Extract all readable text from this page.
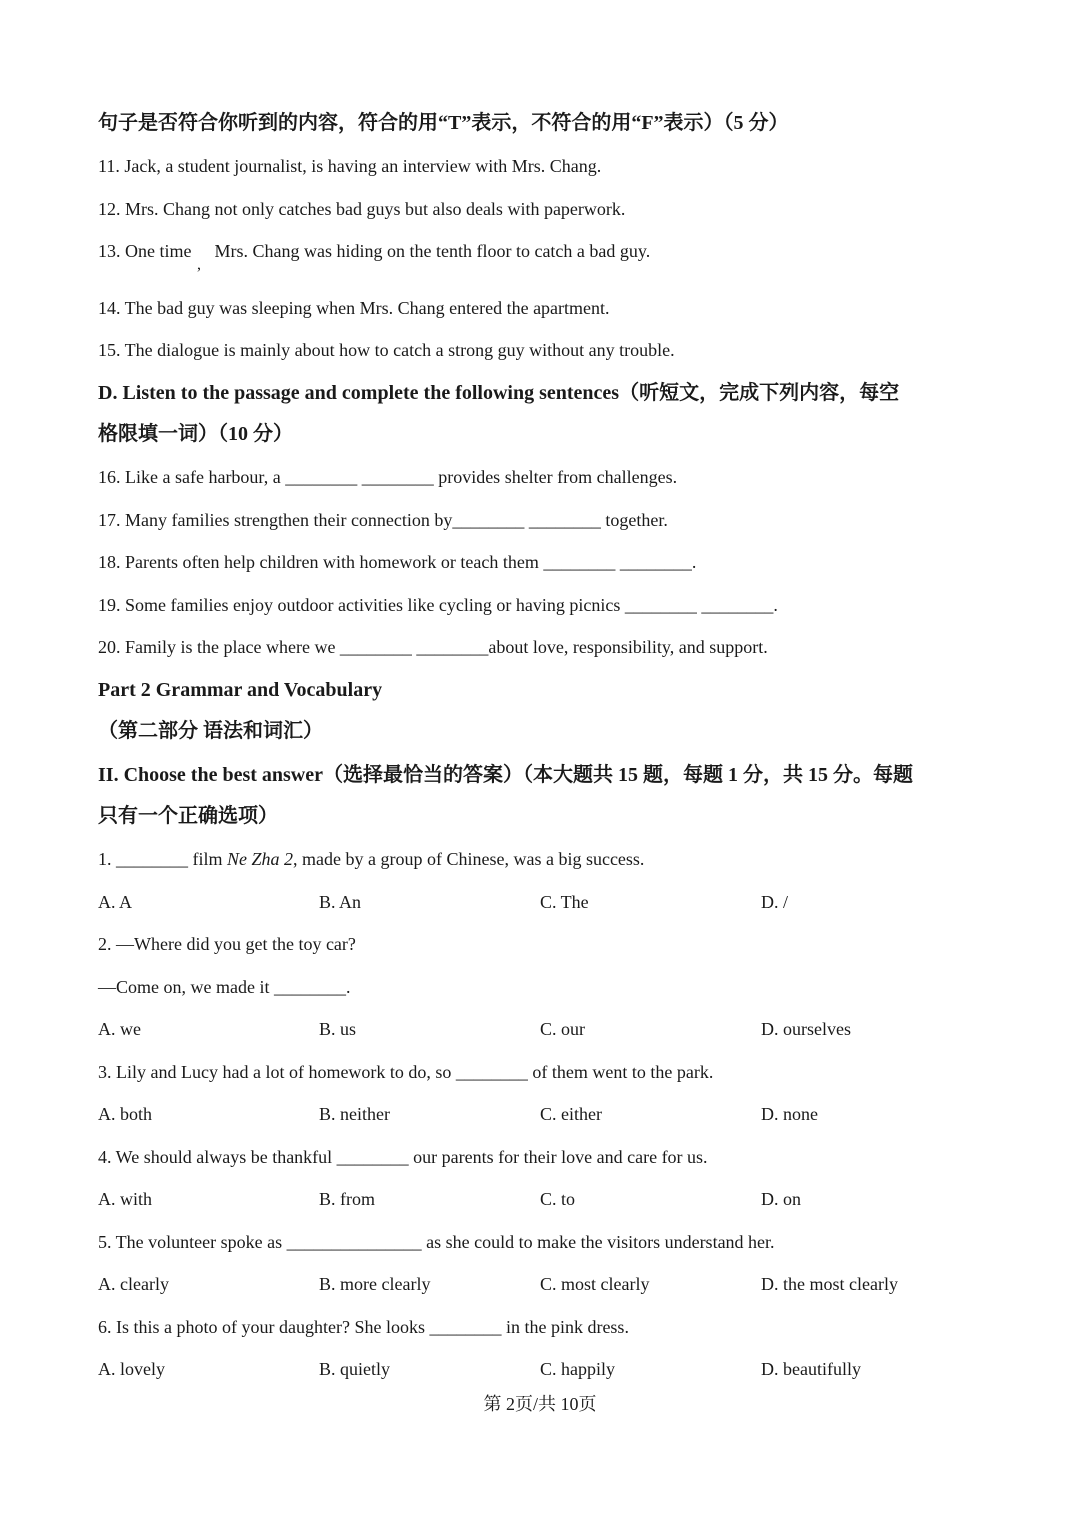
句子是否符合你听到的内容，符合的用“T”表示，不符合的用“F”表示）（5 分）
11. Jack, a student journalist, is having an interview with Mrs. Chang.
12. Mrs. Chang not only catches bad guys but also deals with paperwork.
13. One time Mrs. Chang was hiding on the tenth floor to catch a bad guy.
,
14. The bad guy was sleeping when Mrs. Chang entered the apartment.
15. The dialogue is mainly about how to catch a strong guy without any trouble.
D. Listen to the passage and complete the following sentences（听短文，完成下列内容，每空
格限填一词）（10 分）
16. Like a safe harbour, a ________ ________ provides shelter from challenges.
17. Many families strengthen their connection by________ ________ together.
18. Parents often help children with homework or teach them ________ ________.
19. Some families enjoy outdoor activities like cycling or having picnics ________ ________.
20. Family is the place where we ________ ________about love, responsibility, and support.
Part 2 Grammar and Vocabulary
（第二部分 语法和词汇）
II. Choose the best answer（选择最恰当的答案）（本大题共 15 题，每题 1 分，共 15 分。每题
只有一个正确选项）
1. ________ film Ne Zha 2, made by a group of Chinese, was a big success.
A. A	B. An	C. The	D. /
2. —Where did you get the toy car?
—Come on, we made it ________.
A. we	B. us	C. our	D. ourselves
3. Lily and Lucy had a lot of homework to do, so ________ of them went to the park.
A. both	B. neither	C. either	D. none
4. We should always be thankful ________ our parents for their love and care for us.
A. with	B. from	C. to	D. on
5. The volunteer spoke as _______________ as she could to make the visitors understand her.
A. clearly	B. more clearly	C. most clearly	D. the most clearly
6. Is this a photo of your daughter? She looks ________ in the pink dress.
A. lovely	B. quietly	C. happily	D. beautifully
第 2页/共 10页
